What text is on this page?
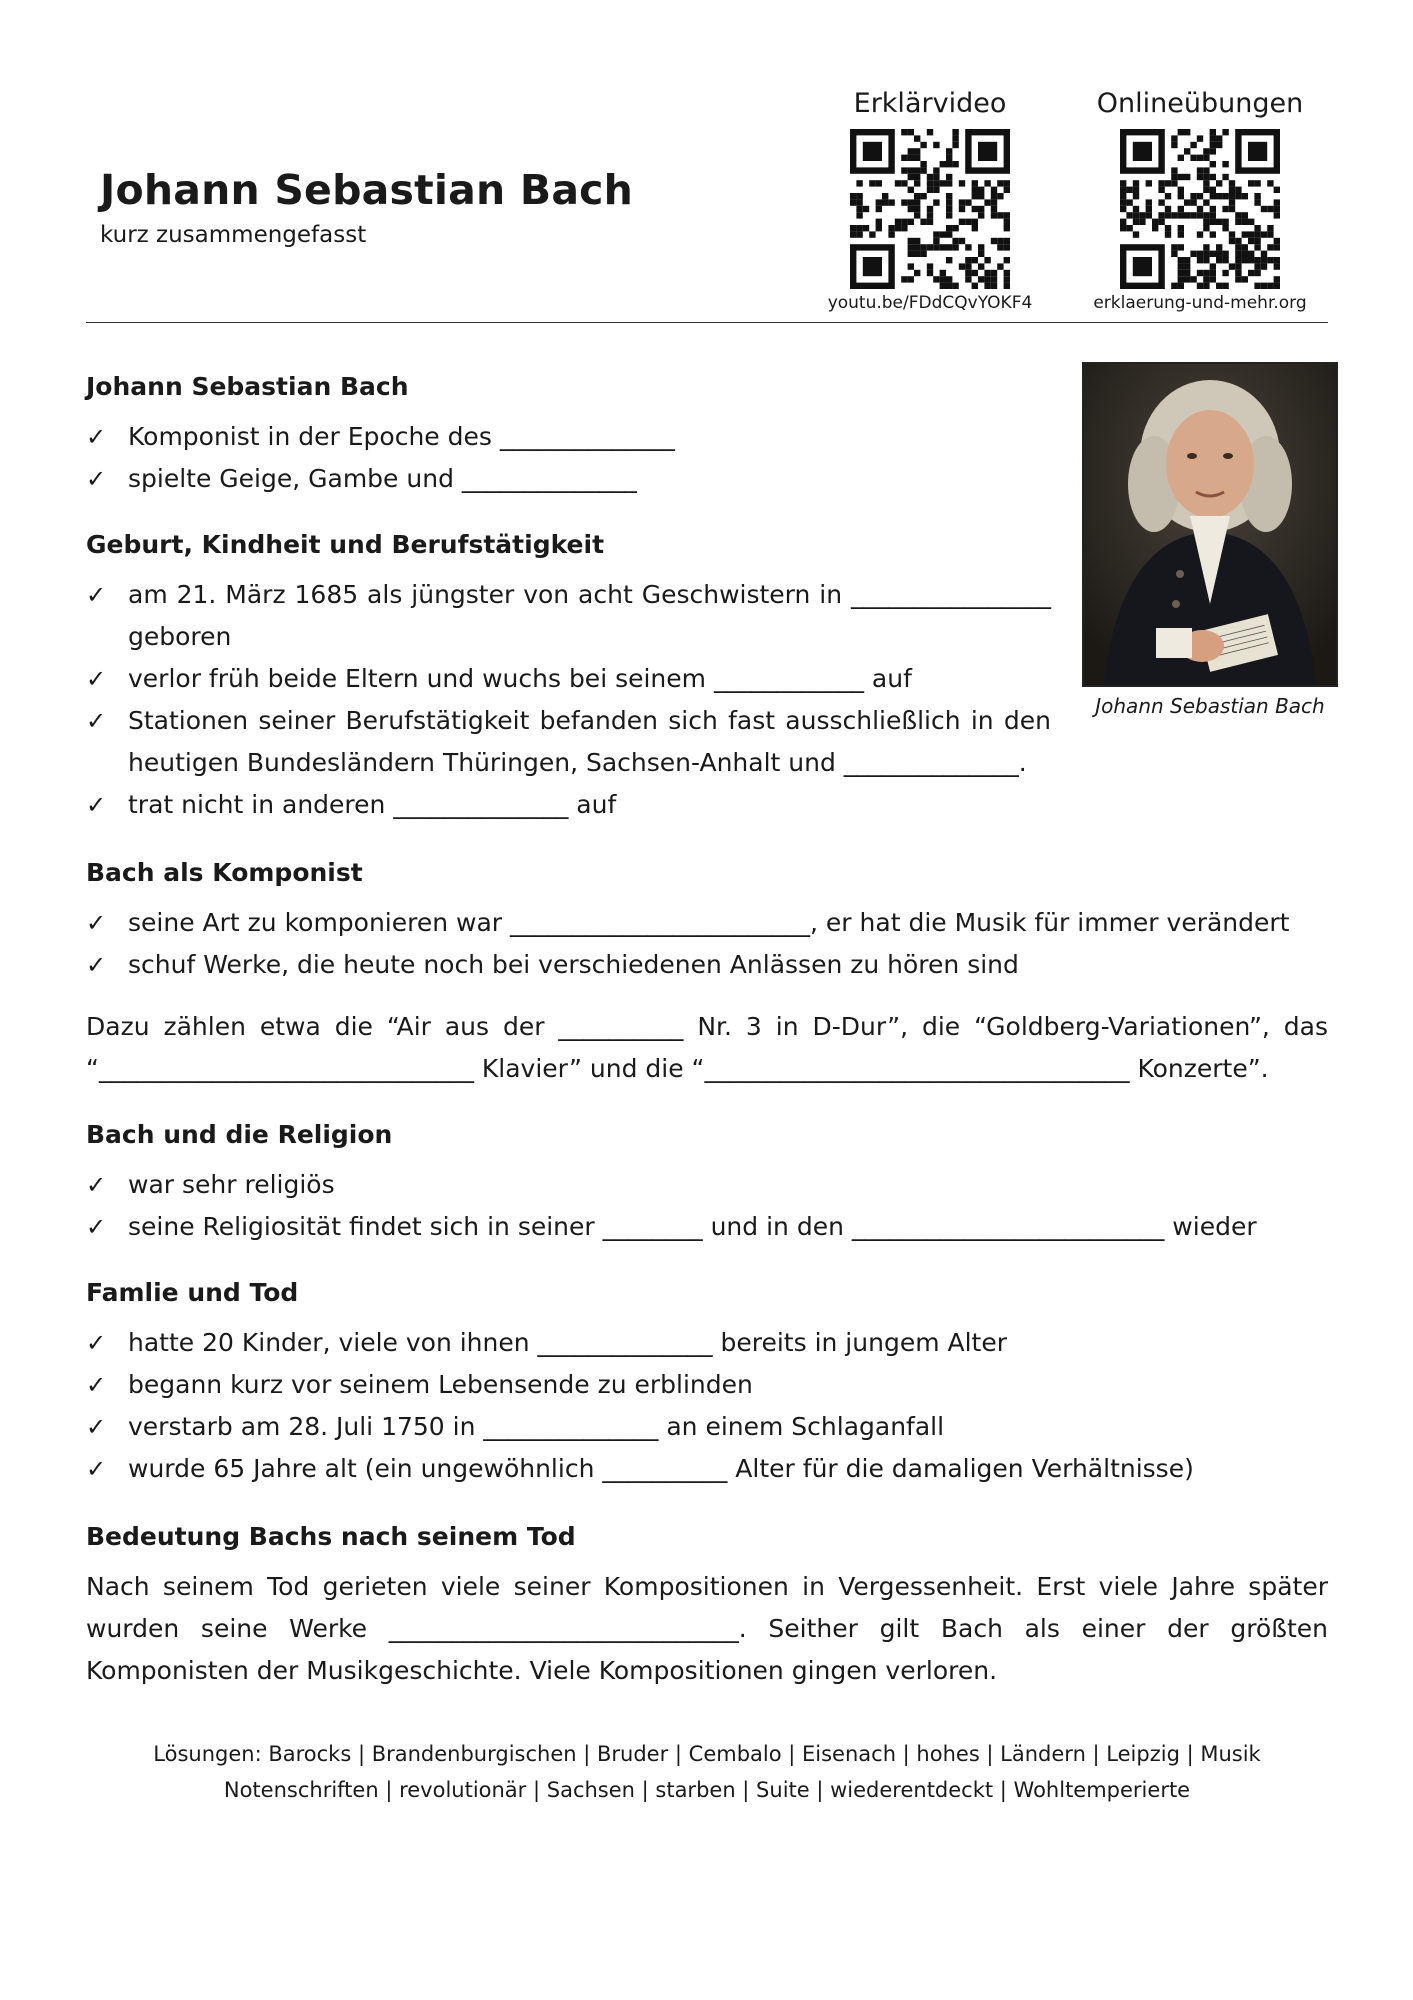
Johann Sebastian Bach

kurz zusammengefasst

Erklärvideo
youtu.be/FDdCQvYOKF4
Onlineübungen
erklaerung-und-mehr.org
Johann Sebastian Bach
Johann Sebastian Bach
✓ Komponist in der Epoche des ______________
✓ spielte Geige, Gambe und ______________
Geburt, Kindheit und Berufstätigkeit
✓ am 21. März 1685 als jüngster von acht Geschwistern in ________________ geboren
✓ verlor früh beide Eltern und wuchs bei seinem ____________ auf
✓ Stationen seiner Berufstätigkeit befanden sich fast ausschließlich in den heutigen Bundesländern Thüringen, Sachsen-Anhalt und ______________.
✓ trat nicht in anderen ______________ auf
Bach als Komponist
✓ seine Art zu komponieren war ________________________, er hat die Musik für immer verändert
✓ schuf Werke, die heute noch bei verschiedenen Anlässen zu hören sind

Dazu zählen etwa die “Air aus der __________ Nr. 3 in D-Dur”, die “Goldberg-Variationen”, das “______________________________ Klavier” und die “__________________________________ Konzerte”.

Bach und die Religion
✓ war sehr religiös
✓ seine Religiosität findet sich in seiner ________ und in den _________________________ wieder
Famlie und Tod
✓ hatte 20 Kinder, viele von ihnen ______________ bereits in jungem Alter
✓ begann kurz vor seinem Lebensende zu erblinden
✓ verstarb am 28. Juli 1750 in ______________ an einem Schlaganfall
✓ wurde 65 Jahre alt (ein ungewöhnlich __________ Alter für die damaligen Verhältnisse)
Bedeutung Bachs nach seinem Tod

Nach seinem Tod gerieten viele seiner Kompositionen in Vergessenheit. Erst viele Jahre später wurden seine Werke ____________________________. Seither gilt Bach als einer der größten Komponisten der Musikgeschichte. Viele Kompositionen gingen verloren.

Lösungen: Barocks | Brandenburgischen | Bruder | Cembalo | Eisenach | hohes | Ländern | Leipzig | Musik
Notenschriften | revolutionär | Sachsen | starben | Suite | wiederentdeckt | Wohltemperierte
